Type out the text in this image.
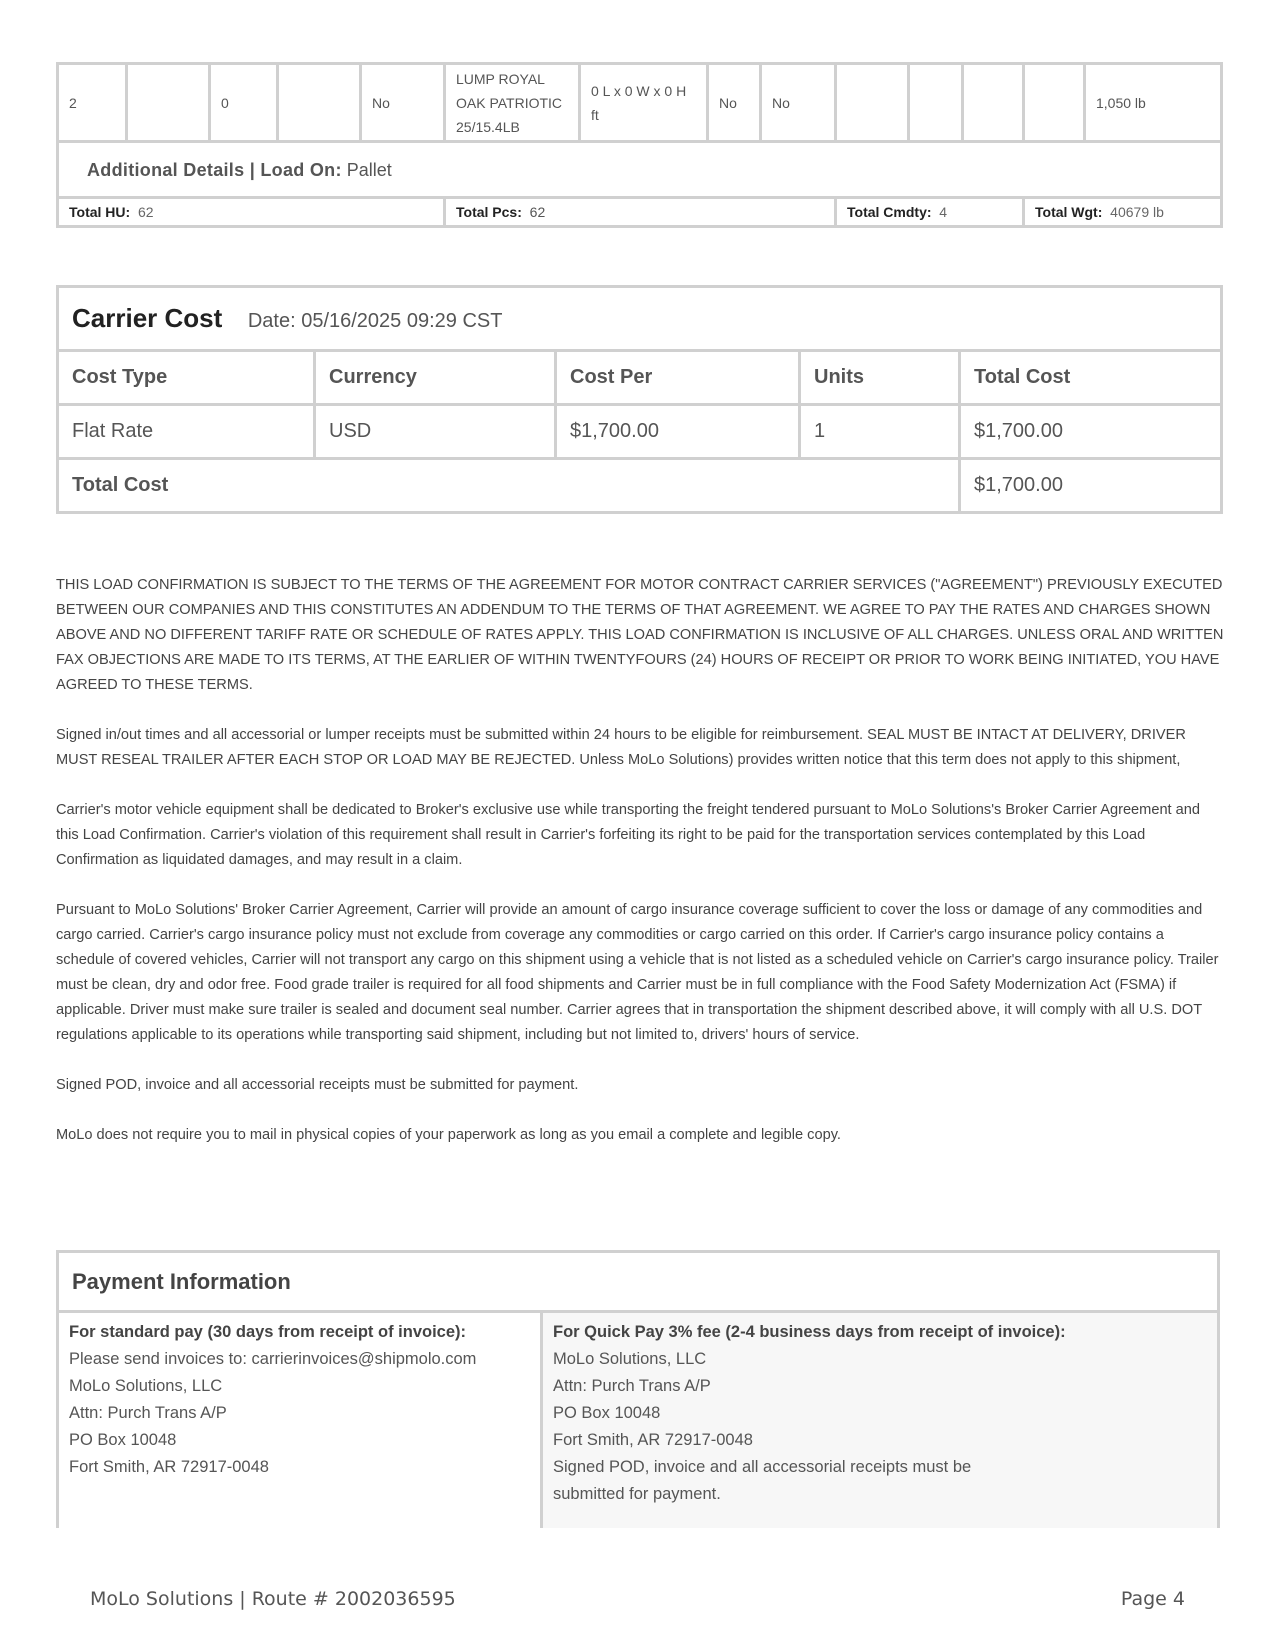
2		0		No	LUMP ROYAL OAK PATRIOTIC 25/15.4LB	0 L x 0 W x 0 H ft	No	No					1,050 lb
Additional Details | Load On: Pallet													
Total HU: 62					Total Pcs: 62				Total Cmdty: 4			Total Wgt: 40679 lb	
Carrier Cost Date: 05/16/2025 09:29 CST				
Cost Type	Currency	Cost Per	Units	Total Cost
Flat Rate	USD	$1,700.00	1	$1,700.00
Total Cost				$1,700.00

THIS LOAD CONFIRMATION IS SUBJECT TO THE TERMS OF THE AGREEMENT FOR MOTOR CONTRACT CARRIER SERVICES ("AGREEMENT") PREVIOUSLY EXECUTED BETWEEN OUR COMPANIES AND THIS CONSTITUTES AN ADDENDUM TO THE TERMS OF THAT AGREEMENT. WE AGREE TO PAY THE RATES AND CHARGES SHOWN ABOVE AND NO DIFFERENT TARIFF RATE OR SCHEDULE OF RATES APPLY. THIS LOAD CONFIRMATION IS INCLUSIVE OF ALL CHARGES. UNLESS ORAL AND WRITTEN FAX OBJECTIONS ARE MADE TO ITS TERMS, AT THE EARLIER OF WITHIN TWENTYFOURS (24) HOURS OF RECEIPT OR PRIOR TO WORK BEING INITIATED, YOU HAVE AGREED TO THESE TERMS.

Signed in/out times and all accessorial or lumper receipts must be submitted within 24 hours to be eligible for reimbursement. SEAL MUST BE INTACT AT DELIVERY, DRIVER MUST RESEAL TRAILER AFTER EACH STOP OR LOAD MAY BE REJECTED. Unless MoLo Solutions) provides written notice that this term does not apply to this shipment,

Carrier's motor vehicle equipment shall be dedicated to Broker's exclusive use while transporting the freight tendered pursuant to MoLo Solutions's Broker Carrier Agreement and this Load Confirmation. Carrier's violation of this requirement shall result in Carrier's forfeiting its right to be paid for the transportation services contemplated by this Load Confirmation as liquidated damages, and may result in a claim.

Pursuant to MoLo Solutions' Broker Carrier Agreement, Carrier will provide an amount of cargo insurance coverage sufficient to cover the loss or damage of any commodities and cargo carried. Carrier's cargo insurance policy must not exclude from coverage any commodities or cargo carried on this order. If Carrier's cargo insurance policy contains a schedule of covered vehicles, Carrier will not transport any cargo on this shipment using a vehicle that is not listed as a scheduled vehicle on Carrier's cargo insurance policy. Trailer must be clean, dry and odor free. Food grade trailer is required for all food shipments and Carrier must be in full compliance with the Food Safety Modernization Act (FSMA) if applicable. Driver must make sure trailer is sealed and document seal number. Carrier agrees that in transportation the shipment described above, it will comply with all U.S. DOT regulations applicable to its operations while transporting said shipment, including but not limited to, drivers' hours of service.

Signed POD, invoice and all accessorial receipts must be submitted for payment.

MoLo does not require you to mail in physical copies of your paperwork as long as you email a complete and legible copy.

Payment Information
For standard pay (30 days from receipt of invoice):
Please send invoices to: carrierinvoices@shipmolo.com
MoLo Solutions, LLC
Attn: Purch Trans A/P
PO Box 10048
Fort Smith, AR 72917-0048
For Quick Pay 3% fee (2-4 business days from receipt of invoice):
MoLo Solutions, LLC
Attn: Purch Trans A/P
PO Box 10048
Fort Smith, AR 72917-0048
Signed POD, invoice and all accessorial receipts must be submitted for payment.
MoLo Solutions | Route # 2002036595	Page 4
